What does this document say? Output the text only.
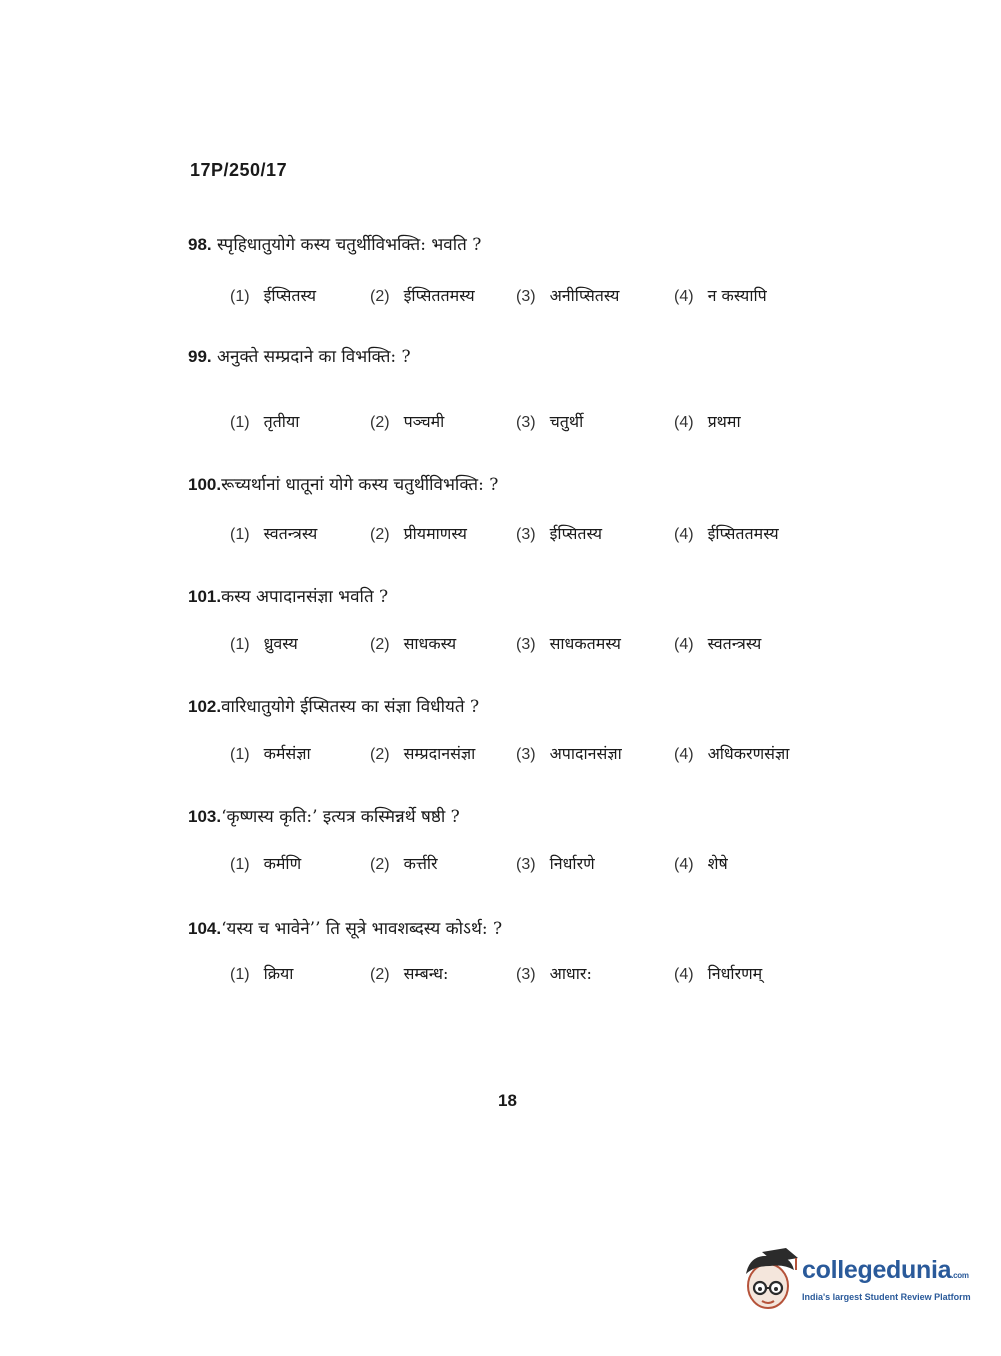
17P/250/17
98. स्पृहिधातुयोगे कस्य चतुर्थीविभक्ति: भवति ?
(1) ईप्सितस्य	(2) ईप्सिततमस्य	(3) अनीप्सितस्य	(4) न कस्यापि
99. अनुक्ते सम्प्रदाने का विभक्ति: ?
(1) तृतीया	(2) पञ्चमी	(3) चतुर्थी	(4) प्रथमा
100.रूच्यर्थानां धातूनां योगे कस्य चतुर्थीविभक्ति: ?
(1) स्वतन्त्रस्य	(2) प्रीयमाणस्य	(3) ईप्सितस्य	(4) ईप्सिततमस्य
101.कस्य अपादानसंज्ञा भवति ?
(1) ध्रुवस्य	(2) साधकस्य	(3) साधकतमस्य	(4) स्वतन्त्रस्य
102.वारिधातुयोगे ईप्सितस्य का संज्ञा विधीयते ?
(1) कर्मसंज्ञा	(2) सम्प्रदानसंज्ञा	(3) अपादानसंज्ञा	(4) अधिकरणसंज्ञा
103.‘कृष्णस्य कृति:’ इत्यत्र कस्मिन्नर्थे षष्ठी ?
(1) कर्मणि	(2) कर्त्तरि	(3) निर्धारणे	(4) शेषे
104.‘यस्य च भावेने’’ ति सूत्रे भावशब्दस्य कोऽर्थ: ?
(1) क्रिया	(2) सम्बन्ध:	(3) आधार:	(4) निर्धारणम्
18
collegedunia.com
India's largest Student Review Platform
